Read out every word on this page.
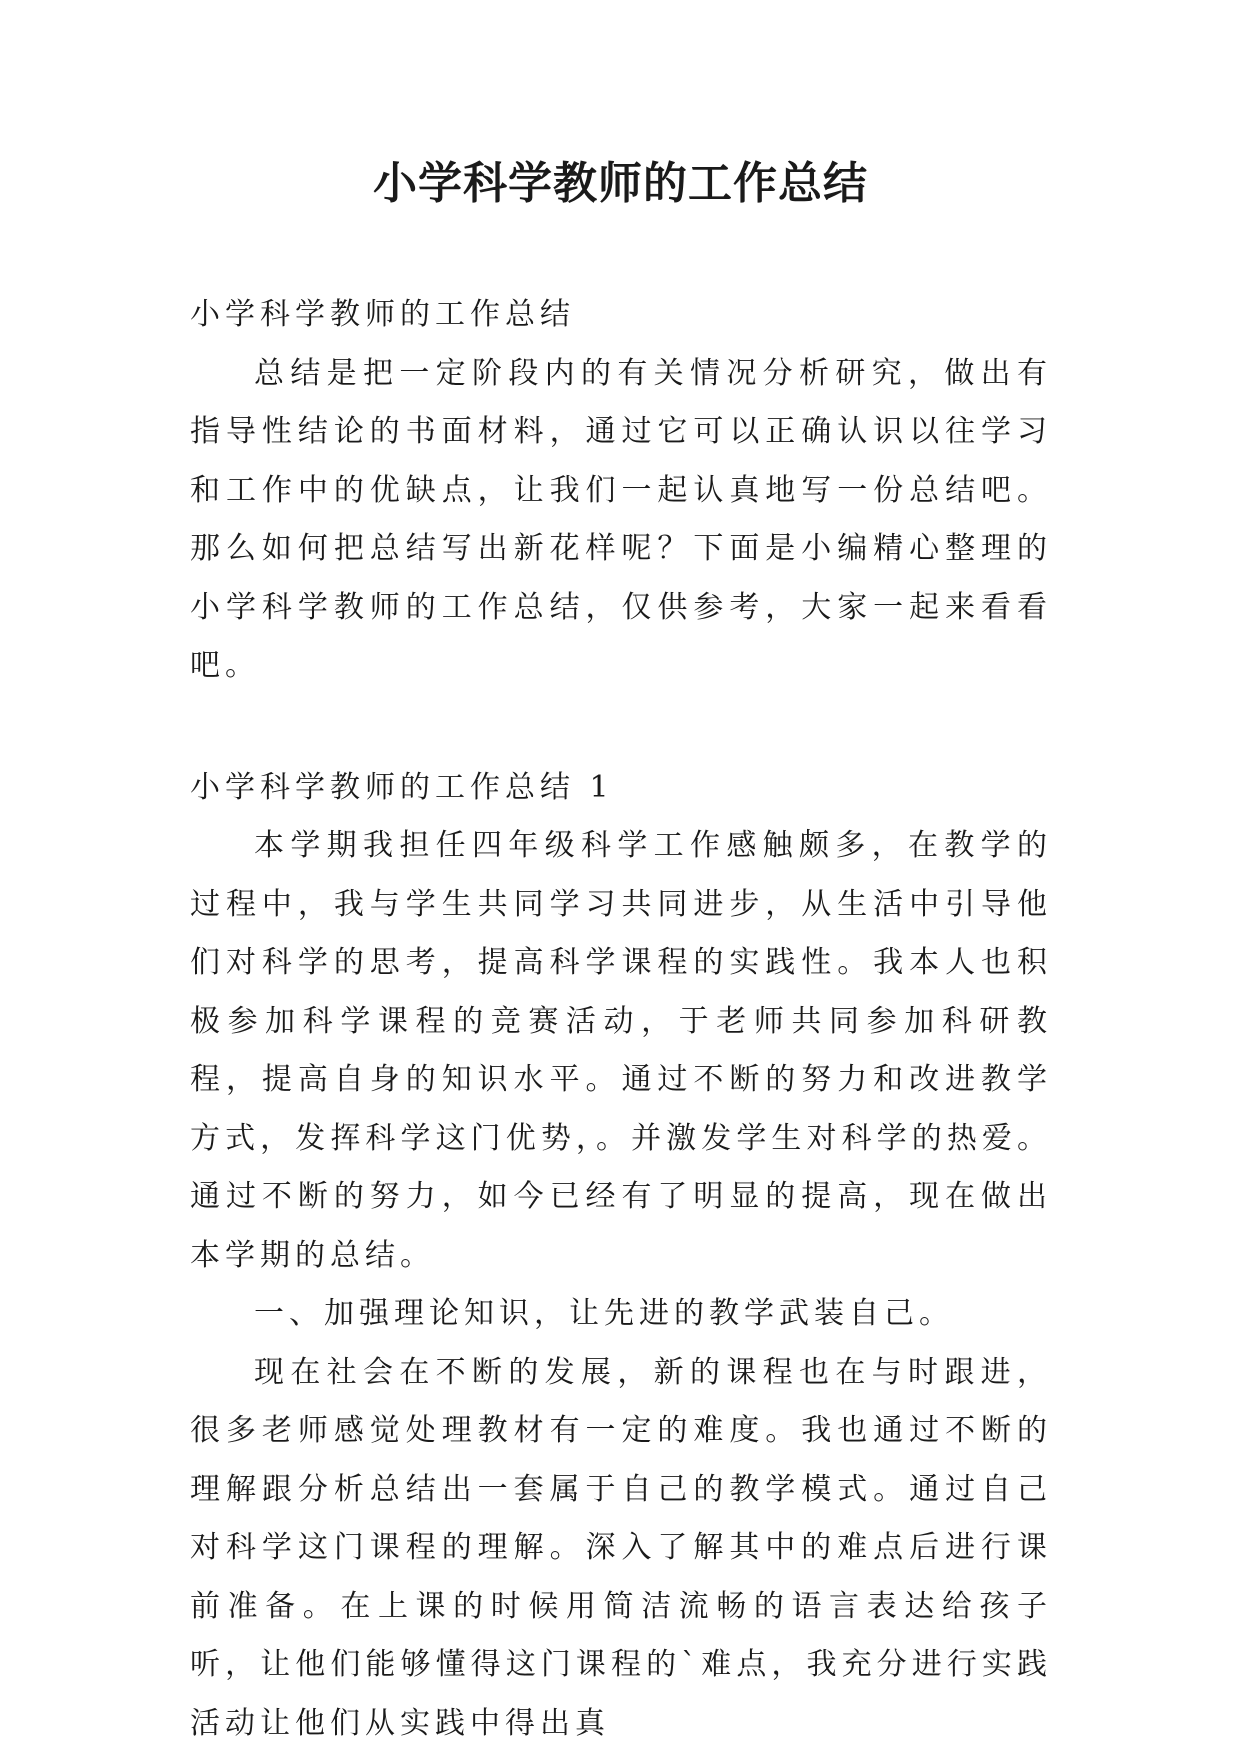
小学科学教师的工作总结

小学科学教师的工作总结

总结是把一定阶段内的有关情况分析研究，做出有指导性结论的书面材料，通过它可以正确认识以往学习和工作中的优缺点，让我们一起认真地写一份总结吧。那么如何把总结写出新花样呢？下面是小编精心整理的小学科学教师的工作总结，仅供参考，大家一起来看看吧。

小学科学教师的工作总结 1

本学期我担任四年级科学工作感触颇多，在教学的过程中，我与学生共同学习共同进步，从生活中引导他们对科学的思考，提高科学课程的实践性。我本人也积极参加科学课程的竞赛活动，于老师共同参加科研教程，提高自身的知识水平。通过不断的努力和改进教学方式，发挥科学这门优势，。并激发学生对科学的热爱。通过不断的努力，如今已经有了明显的提高，现在做出本学期的总结。

一、加强理论知识，让先进的教学武装自己。

现在社会在不断的发展，新的课程也在与时跟进，很多老师感觉处理教材有一定的难度。我也通过不断的理解跟分析总结出一套属于自己的教学模式。通过自己对科学这门课程的理解。深入了解其中的难点后进行课前准备。在上课的时候用简洁流畅的语言表达给孩子听，让他们能够懂得这门课程的`难点，我充分进行实践活动让他们从实践中得出真
